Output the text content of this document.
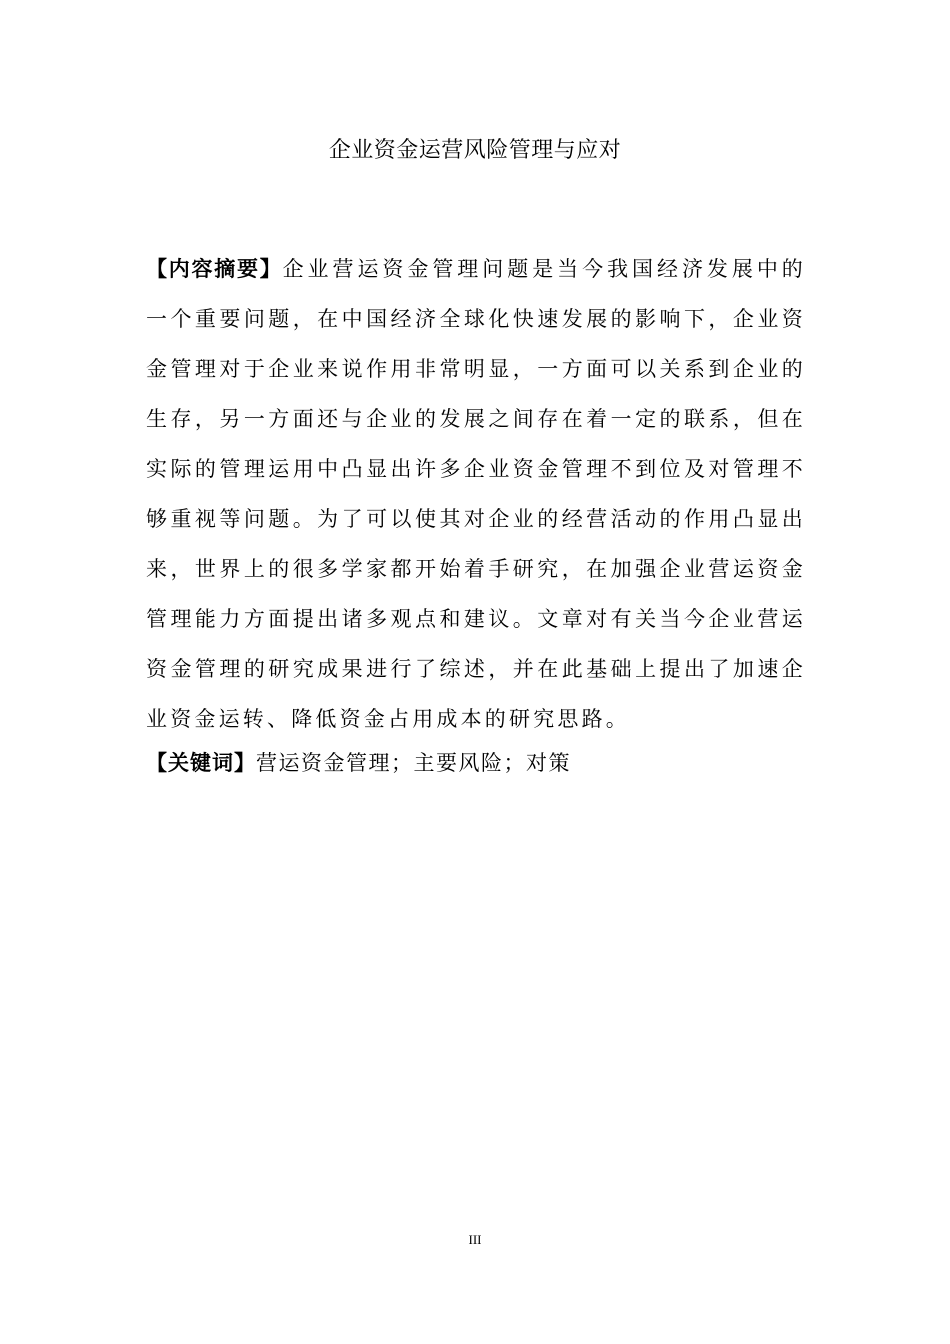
企业资金运营风险管理与应对
【内容摘要】企业营运资金管理问题是当今我国经济发展中的一个重要问题，在中国经济全球化快速发展的影响下，企业资金管理对于企业来说作用非常明显，一方面可以关系到企业的生存，另一方面还与企业的发展之间存在着一定的联系，但在实际的管理运用中凸显出许多企业资金管理不到位及对管理不够重视等问题。为了可以使其对企业的经营活动的作用凸显出来，世界上的很多学家都开始着手研究，在加强企业营运资金管理能力方面提出诸多观点和建议。文章对有关当今企业营运资金管理的研究成果进行了综述，并在此基础上提出了加速企业资金运转、降低资金占用成本的研究思路。
【关键词】营运资金管理；主要风险；对策
III
